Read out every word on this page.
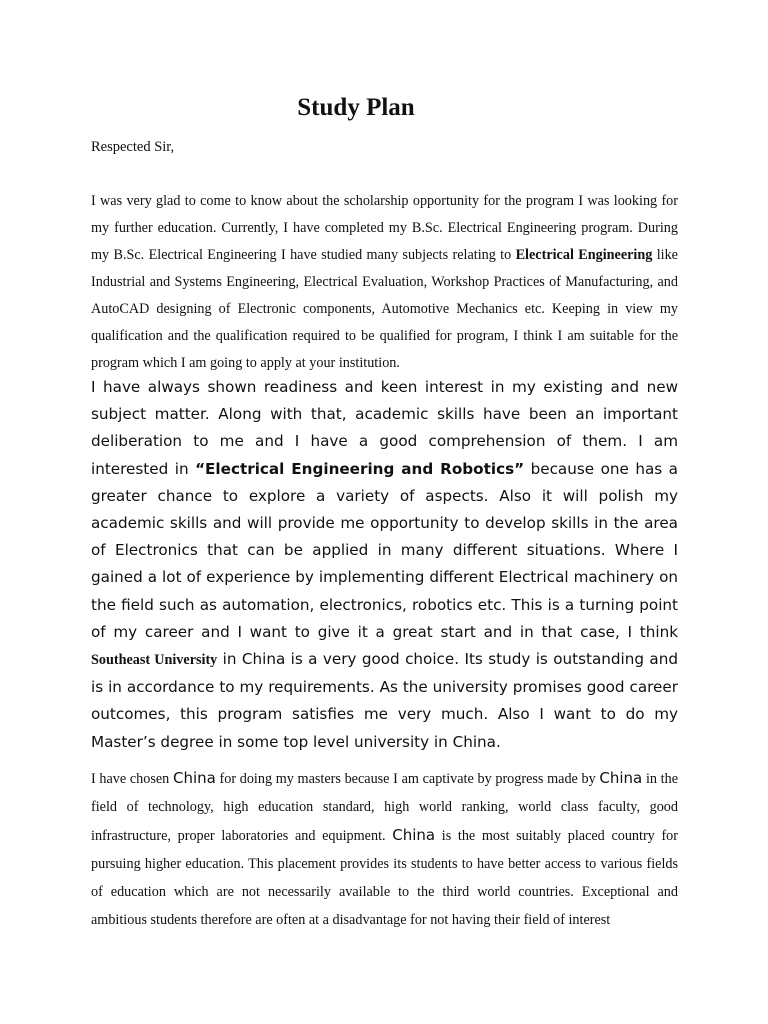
Study Plan

Respected Sir,

I was very glad to come to know about the scholarship opportunity for the program I was looking for my further education. Currently, I have completed my B.Sc. Electrical Engineering program. During my B.Sc. Electrical Engineering I have studied many subjects relating to Electrical Engineering like Industrial and Systems Engineering, Electrical Evaluation, Workshop Practices of Manufacturing, and AutoCAD designing of Electronic components, Automotive Mechanics etc. Keeping in view my qualification and the qualification required to be qualified for program, I think I am suitable for the program which I am going to apply at your institution.

I have always shown readiness and keen interest in my existing and new subject matter. Along with that, academic skills have been an important deliberation to me and I have a good comprehension of them. I am interested in “Electrical Engineering and Robotics” because one has a greater chance to explore a variety of aspects. Also it will polish my academic skills and will provide me opportunity to develop skills in the area of Electronics that can be applied in many different situations. Where I gained a lot of experience by implementing different Electrical machinery on the field such as automation, electronics, robotics etc. This is a turning point of my career and I want to give it a great start and in that case, I think Southeast University in China is a very good choice. Its study is outstanding and is in accordance to my requirements. As the university promises good career outcomes, this program satisfies me very much. Also I want to do my Master’s degree in some top level university in China.

I have chosen China for doing my masters because I am captivate by progress made by China in the field of technology, high education standard, high world ranking, world class faculty, good infrastructure, proper laboratories and equipment. China is the most suitably placed country for pursuing higher education. This placement provides its students to have better access to various fields of education which are not necessarily available to the third world countries. Exceptional and ambitious students therefore are often at a disadvantage for not having their field of interest
